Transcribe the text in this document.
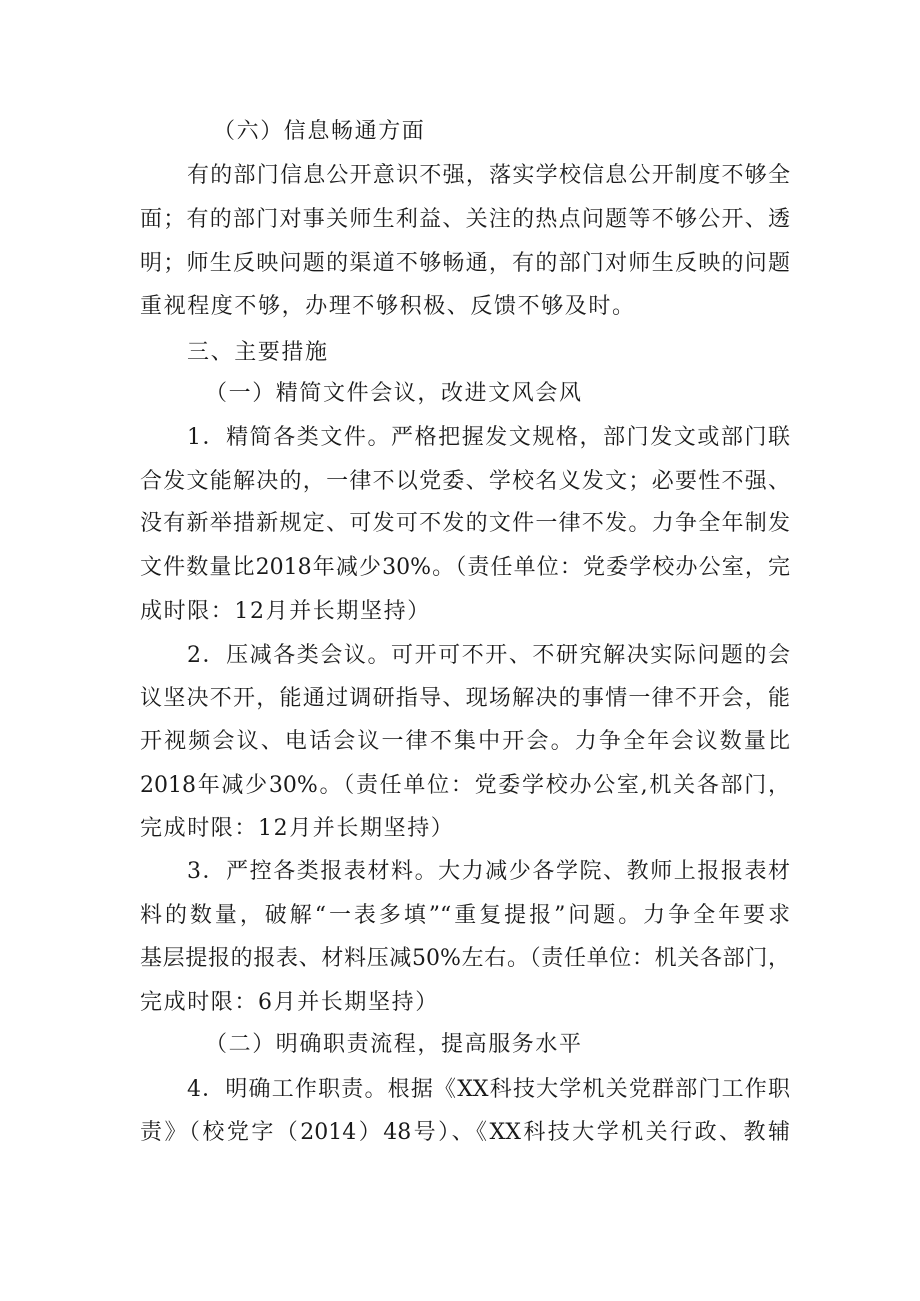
（六）信息畅通方面
有的部门信息公开意识不强，落实学校信息公开制度不够全
面；有的部门对事关师生利益、关注的热点问题等不够公开、透
明；师生反映问题的渠道不够畅通，有的部门对师生反映的问题
重视程度不够，办理不够积极、反馈不够及时。
三、主要措施
（一）精简文件会议，改进文风会风
1．精简各类文件。严格把握发文规格，部门发文或部门联
合发文能解决的，一律不以党委、学校名义发文；必要性不强、
没有新举措新规定、可发可不发的文件一律不发。力争全年制发
文件数量比2018年减少30%。（责任单位：党委学校办公室，完
成时限：12月并长期坚持）
2．压减各类会议。可开可不开、不研究解决实际问题的会
议坚决不开，能通过调研指导、现场解决的事情一律不开会，能
开视频会议、电话会议一律不集中开会。力争全年会议数量比
2018年减少30%。（责任单位：党委学校办公室,机关各部门，
完成时限：12月并长期坚持）
3．严控各类报表材料。大力减少各学院、教师上报报表材
料的数量，破解“一表多填”“重复提报”问题。力争全年要求
基层提报的报表、材料压减50%左右。（责任单位：机关各部门，
完成时限：6月并长期坚持）
（二）明确职责流程，提高服务水平
4．明确工作职责。根据《XX科技大学机关党群部门工作职
责》（校党字（2014）48号）、《XX科技大学机关行政、教辅
